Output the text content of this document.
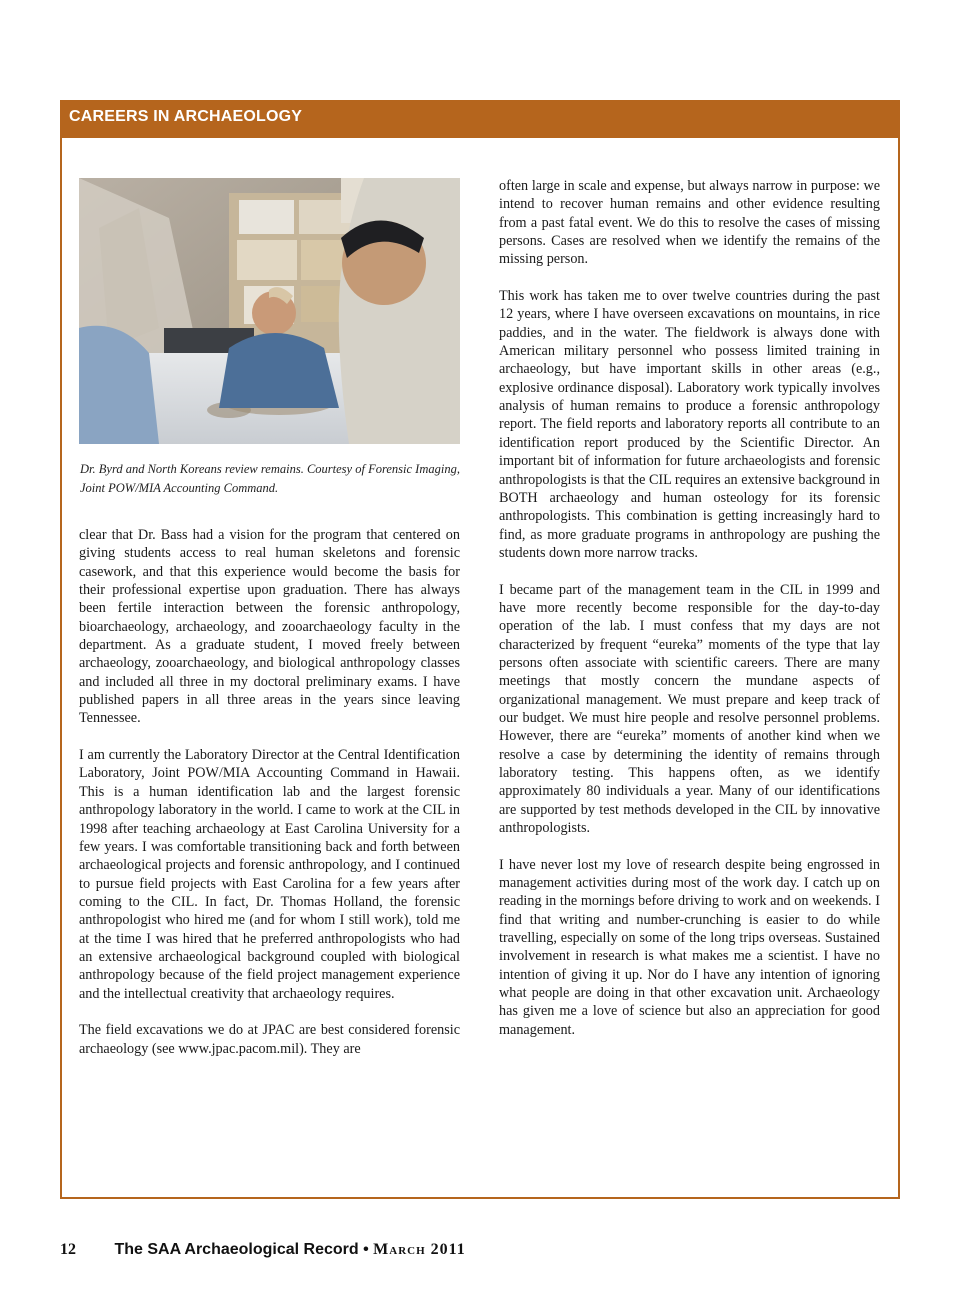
CAREERS IN ARCHAEOLOGY
Dr. Byrd and North Koreans review remains. Courtesy of Forensic Imaging, Joint POW/MIA Accounting Command.

clear that Dr. Bass had a vision for the program that centered on giving students access to real human skeletons and forensic casework, and that this experience would become the basis for their professional expertise upon graduation. There has always been fertile interaction between the forensic anthropology, bioarchaeology, archaeology, and zooarchaeology faculty in the department. As a graduate student, I moved freely between archaeology, zooarchaeology, and biological anthropology classes and included all three in my doctoral preliminary exams. I have published papers in all three areas in the years since leaving Tennessee.

I am currently the Laboratory Director at the Central Identification Laboratory, Joint POW/MIA Accounting Command in Hawaii. This is a human identification lab and the largest forensic anthropology laboratory in the world. I came to work at the CIL in 1998 after teaching archaeology at East Carolina University for a few years. I was comfortable transitioning back and forth between archaeological projects and forensic anthropology, and I continued to pursue field projects with East Carolina for a few years after coming to the CIL. In fact, Dr. Thomas Holland, the forensic anthropologist who hired me (and for whom I still work), told me at the time I was hired that he preferred anthropologists who had an extensive archaeological background coupled with biological anthropology because of the field project management experience and the intellectual creativity that archaeology requires.

The field excavations we do at JPAC are best considered forensic archaeology (see www.jpac.pacom.mil). They are

often large in scale and expense, but always narrow in purpose: we intend to recover human remains and other evidence resulting from a past fatal event. We do this to resolve the cases of missing persons. Cases are resolved when we identify the remains of the missing person.

This work has taken me to over twelve countries during the past 12 years, where I have overseen excavations on mountains, in rice paddies, and in the water. The fieldwork is always done with American military personnel who possess limited training in archaeology, but have important skills in other areas (e.g., explosive ordinance disposal). Laboratory work typically involves analysis of human remains to produce a forensic anthropology report. The field reports and laboratory reports all contribute to an identification report produced by the Scientific Director. An important bit of information for future archaeologists and forensic anthropologists is that the CIL requires an extensive background in BOTH archaeology and human osteology for its forensic anthropologists. This combination is getting increasingly hard to find, as more graduate programs in anthropology are pushing the students down more narrow tracks.

I became part of the management team in the CIL in 1999 and have more recently become responsible for the day-to-day operation of the lab. I must confess that my days are not characterized by frequent “eureka” moments of the type that lay persons often associate with scientific careers. There are many meetings that mostly concern the mundane aspects of organizational management. We must prepare and keep track of our budget. We must hire people and resolve personnel problems. However, there are “eureka” moments of another kind when we resolve a case by determining the identity of remains through laboratory testing. This happens often, as we identify approximately 80 individuals a year. Many of our identifications are supported by test methods developed in the CIL by innovative anthropologists.

I have never lost my love of research despite being engrossed in management activities during most of the work day. I catch up on reading in the mornings before driving to work and on weekends. I find that writing and number-crunching is easier to do while travelling, especially on some of the long trips overseas. Sustained involvement in research is what makes me a scientist. I have no intention of giving it up. Nor do I have any intention of ignoring what people are doing in that other excavation unit. Archaeology has given me a love of science but also an appreciation for good management.

12 The SAA Archaeological Record • March 2011
